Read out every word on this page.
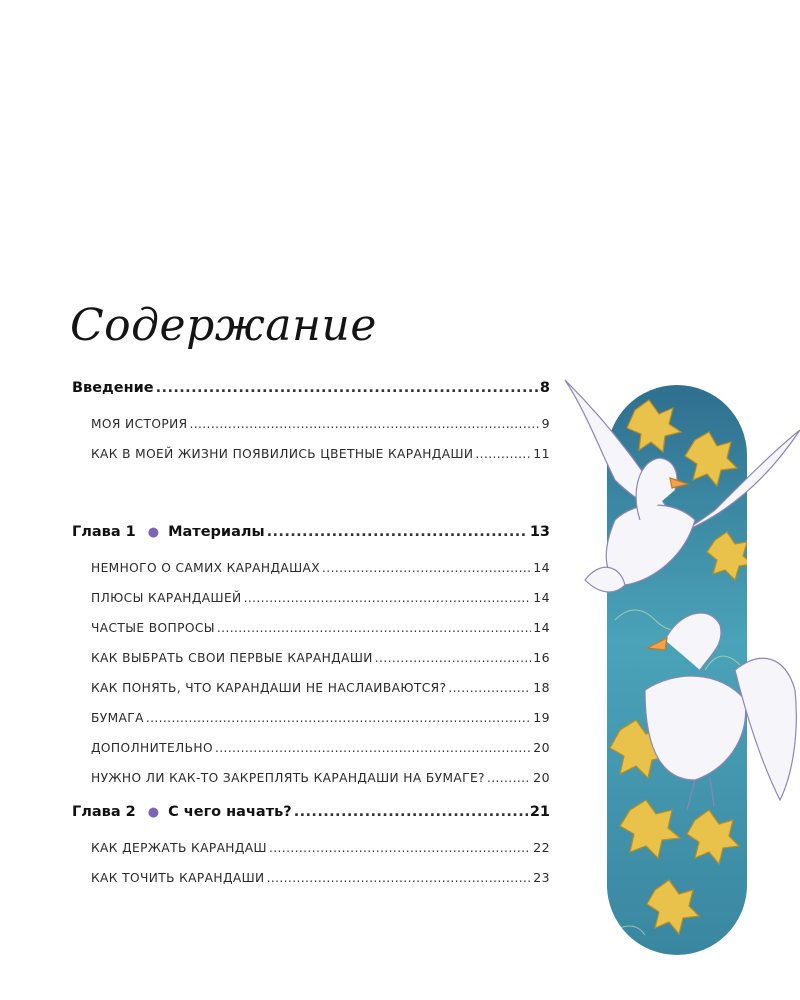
Содержание
Введение .....	8
МОЯ ИСТОРИЯ .....	9
КАК В МОЕЙ ЖИЗНИ ПОЯВИЛИСЬ ЦВЕТНЫЕ КАРАНДАШИ .....	11
Глава 1 ● Материалы .....	13
НЕМНОГО О САМИХ КАРАНДАШАХ .....	14
ПЛЮСЫ КАРАНДАШЕЙ .....	14
ЧАСТЫЕ ВОПРОСЫ .....	14
КАК ВЫБРАТЬ СВОИ ПЕРВЫЕ КАРАНДАШИ .....	16
КАК ПОНЯТЬ, ЧТО КАРАНДАШИ НЕ НАСЛАИВАЮТСЯ? .....	18
БУМАГА .....	19
ДОПОЛНИТЕЛЬНО .....	20
НУЖНО ЛИ КАК-ТО ЗАКРЕПЛЯТЬ КАРАНДАШИ НА БУМАГЕ? .....	20
Глава 2 ● С чего начать? .....	21
КАК ДЕРЖАТЬ КАРАНДАШ .....	22
КАК ТОЧИТЬ КАРАНДАШИ .....	23
